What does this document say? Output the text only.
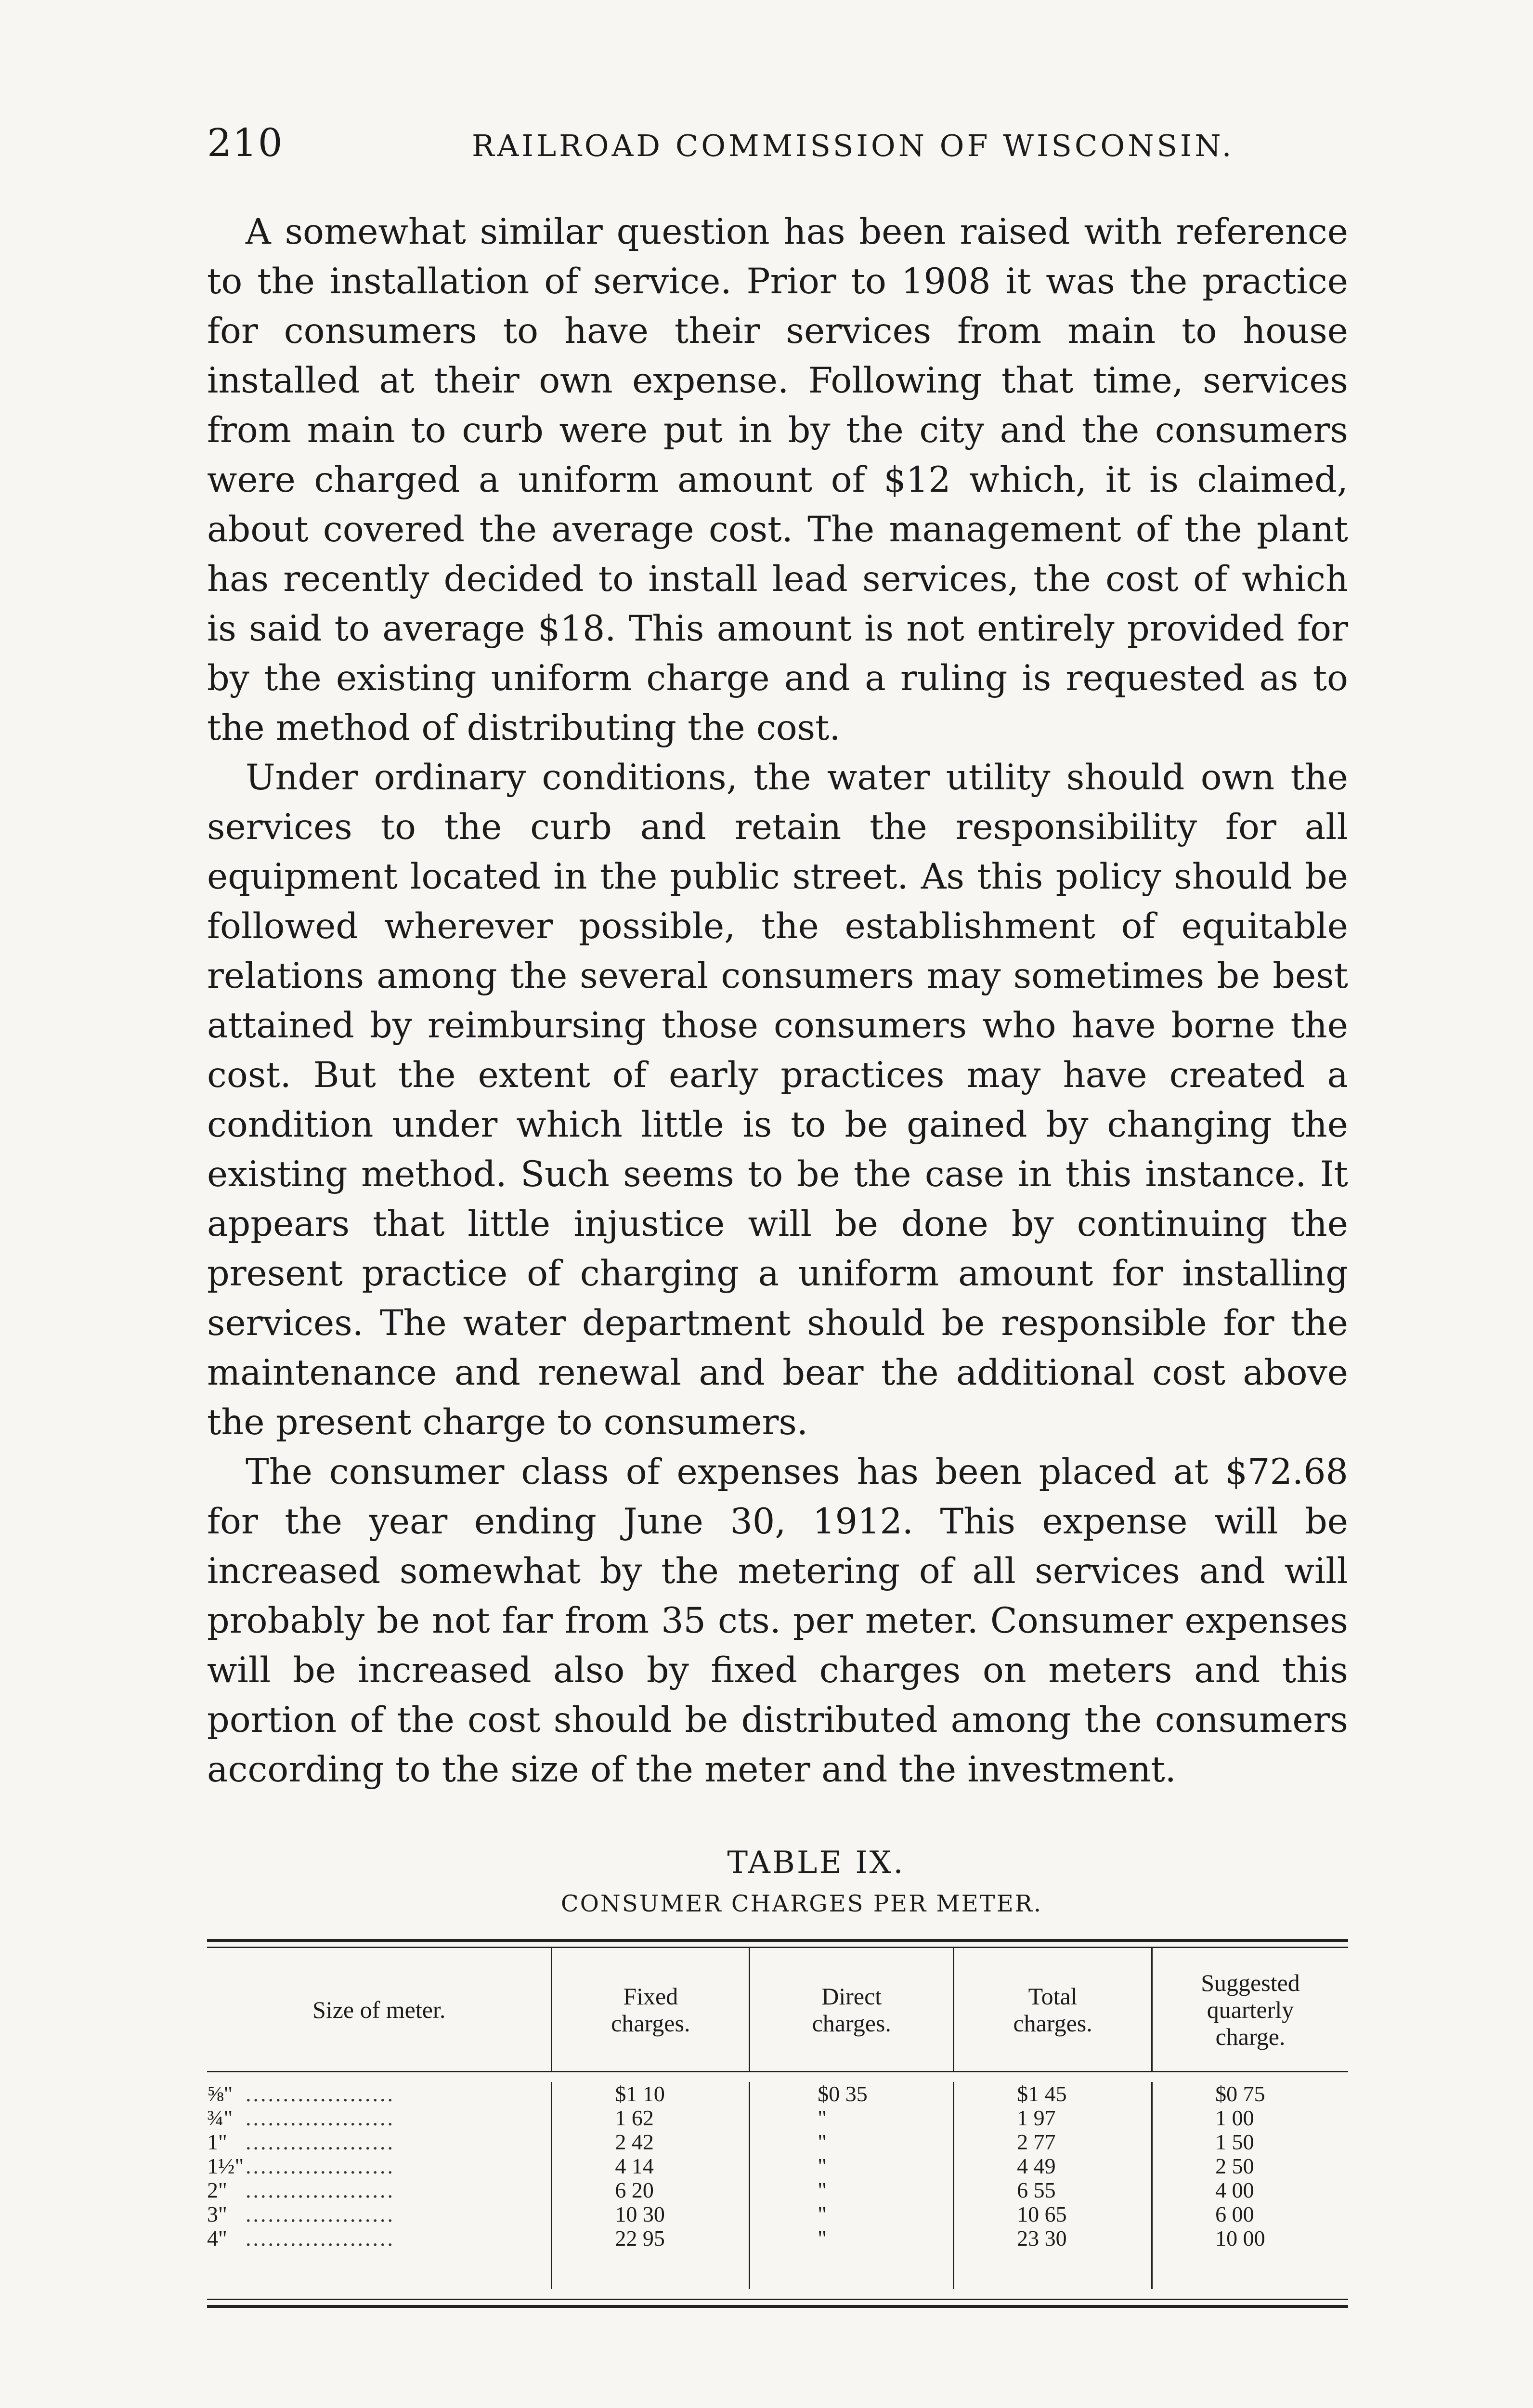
210	RAILROAD COMMISSION OF WISCONSIN.

A somewhat similar question has been raised with reference to the installation of service. Prior to 1908 it was the practice for consumers to have their services from main to house installed at their own expense. Following that time, services from main to curb were put in by the city and the consumers were charged a uniform amount of $12 which, it is claimed, about covered the average cost. The management of the plant has recently decided to install lead services, the cost of which is said to average $18. This amount is not entirely provided for by the existing uniform charge and a ruling is requested as to the method of distributing the cost.

Under ordinary conditions, the water utility should own the services to the curb and retain the responsibility for all equipment located in the public street. As this policy should be followed wherever possible, the establishment of equitable relations among the several consumers may sometimes be best attained by reimbursing those consumers who have borne the cost. But the extent of early practices may have created a condition under which little is to be gained by changing the existing method. Such seems to be the case in this instance. It appears that little injustice will be done by continuing the present practice of charging a uniform amount for installing services. The water department should be responsible for the maintenance and renewal and bear the additional cost above the present charge to consumers.

The consumer class of expenses has been placed at $72.68 for the year ending June 30, 1912. This expense will be increased somewhat by the metering of all services and will probably be not far from 35 cts. per meter. Consumer expenses will be increased also by fixed charges on meters and this portion of the cost should be distributed among the consumers according to the size of the meter and the investment.

TABLE IX.
CONSUMER CHARGES PER METER.
Size of meter.	Fixed
charges.
Direct
charges.
Total
charges.
Suggested
quarterly
charge.
⅝" ....................
¾" ....................
1" ....................
1½"....................
2" ....................
3" ....................
4" ....................
$1 10
1 62
2 42
4 14
6 20
10 30
22 95
$0 35
"
"
"
"
"
"
$1 45
1 97
2 77
4 49
6 55
10 65
23 30
$0 75
1 00
1 50
2 50
4 00
6 00
10 00
